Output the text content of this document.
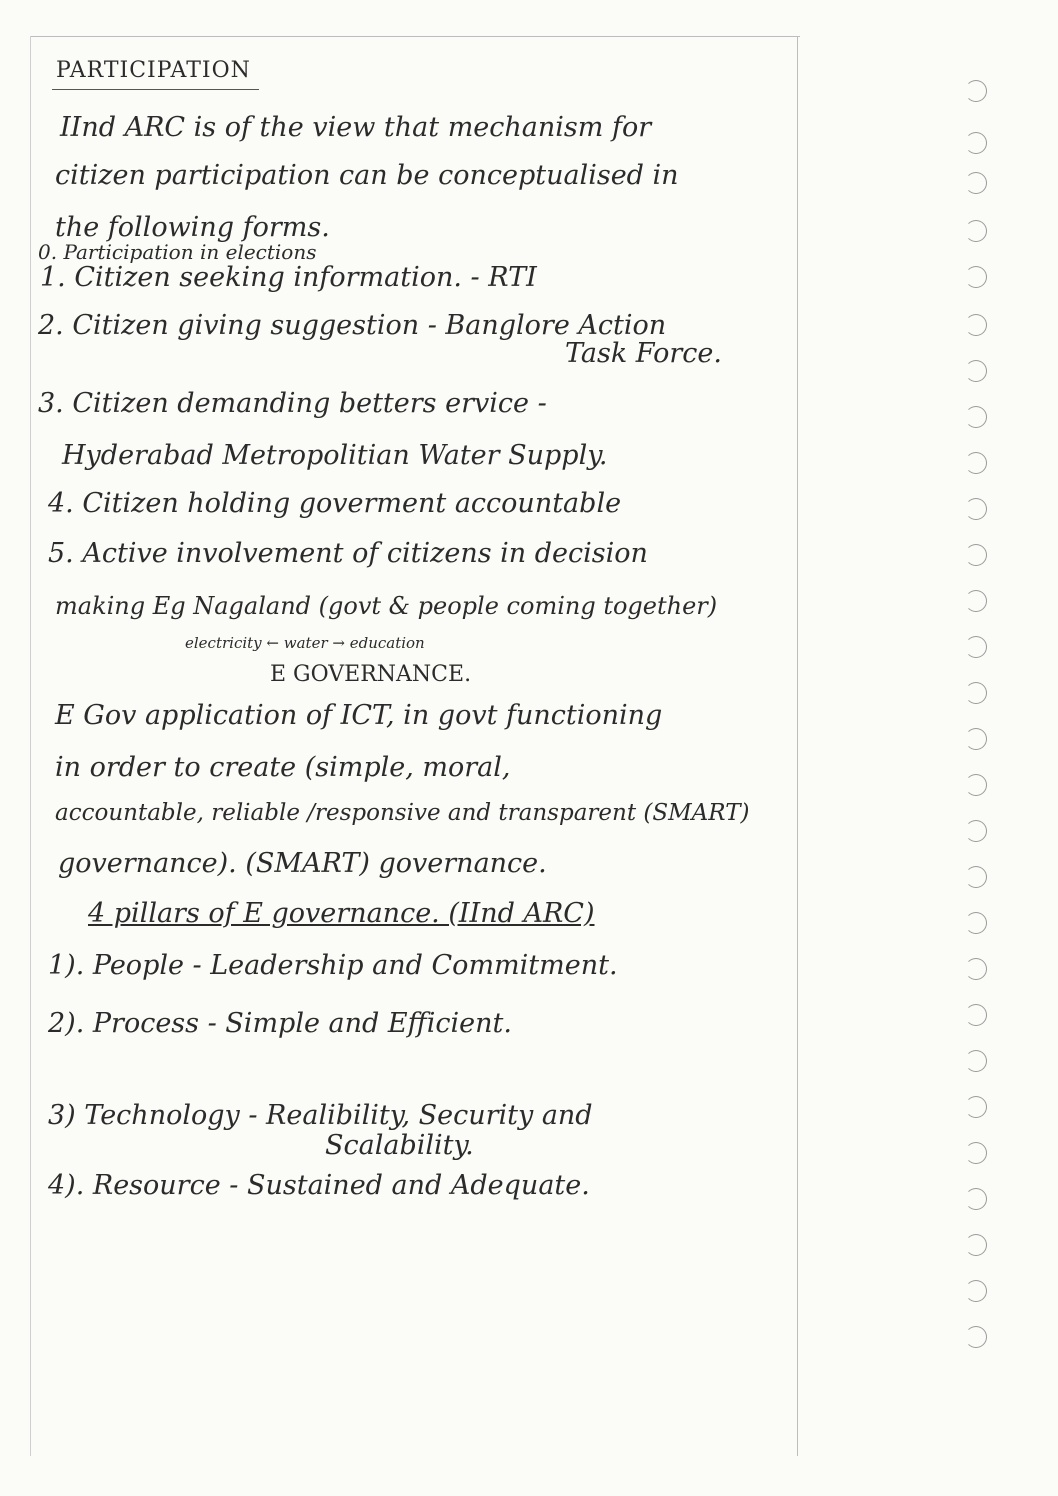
PARTICIPATION
IInd ARC is of the view that mechanism for
citizen participation can be conceptualised in
the following forms.
0. Participation in elections
1. Citizen seeking information. - RTI
2. Citizen giving suggestion - Banglore Action
Task Force.
3. Citizen demanding betters ervice -
Hyderabad Metropolitian Water Supply.
4. Citizen holding goverment accountable
5. Active involvement of citizens in decision
making Eg Nagaland (govt & people coming together)
electricity ← water → education
E GOVERNANCE.
E Gov application of ICT, in govt functioning
in order to create (simple, moral,
accountable, reliable /responsive and transparent (SMART)
governance). (SMART) governance.
4 pillars of E governance. (IInd ARC)
1). People - Leadership and Commitment.
2). Process - Simple and Efficient.
3) Technology - Realibility, Security and
Scalability.
4). Resource - Sustained and Adequate.
